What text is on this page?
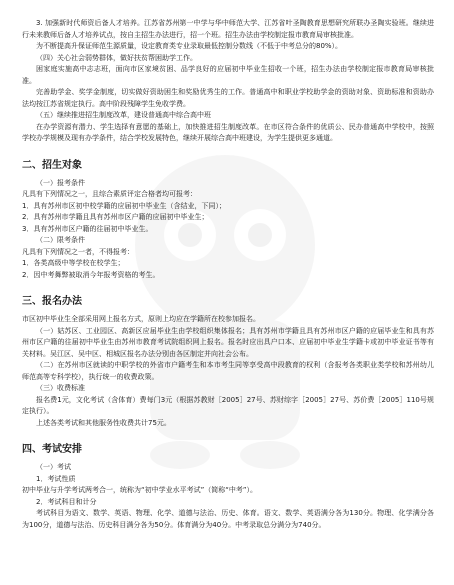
3. 加强新时代师资后备人才培养。江苏省苏州第一中学与华中师范大学、江苏省叶圣陶教育思想研究所联办圣陶实验班。继续进行未来教师后备人才培养试点，按自主招生办法进行，招一个班。招生办法由学校制定报市教育局审核批准。

为不断提高升保证师范生源质量，设定教育类专业录取最低控制分数线（不低于中考总分的80%）。

（四）关心社会弱势群体，做好扶贫帮困助学工作。

困家庭实施高中志志班，面向市区家境贫困、品学良好的应届初中毕业生招收一个班，招生办法由学校制定报市教育局审核批准。

完善助学金、奖学金制度，切实做好资助困生和奖励优秀生的工作。普通高中和职业学校助学金的资助对象、资助标准和资助办法均按江苏省规定执行。高中阶段残障学生免收学费。

（五）继续推进招生制度改革，建设普通高中综合高中班

在办学资源有潜力、学生选择有意愿的基础上，加快推进招生制度改革。在市区符合条件的优质公、民办普通高中学校中，按照学校办学规模及现有办学条件，结合学校发展特色，继续开展综合高中班建设，为学生提供更多通道。

二、招生对象

（一）报考条件

凡具有下列情况之一，且综合素质评定合格者均可报考：

1．具有苏州市区初中校学籍的应届初中毕业生（含结业，下同）；

2．具有苏州市学籍且具有苏州市区户籍的应届初中毕业生；

3．具有苏州市区户籍的往届初中毕业生。

（二）限考条件

凡具有下列情况之一者，不得报考：

1．各类高级中等学校在校学生；

2．因中考舞弊被取消今年报考资格的考生。

三、报名办法

市区初中毕业生全部采用网上报名方式，原则上均应在学籍所在校参加报名。

（一）姑苏区、工业园区、高新区应届毕业生由学校组织集体报名；具有苏州市学籍且具有苏州市区户籍的应届毕业生和具有苏州市区户籍的往届初中毕业生由苏州市教育考试院组织网上报名。报名时应出具户口本、应届初中毕业生学籍卡或初中毕业证书等有关材料。吴江区、吴中区、相城区报名办法分别由各区制定并向社会公布。

（二）在苏州市区就读的中职学校的外省市户籍考生和本市考生同等享受高中段教育的权利（含报考各类职业类学校和苏州幼儿师范高等专科学校），执行统一的收费政策。

（三）收费标准

报名费1元，文化考试（含体育）费每门3元（根据苏教财［2005］27号、苏财综字［2005］27号、苏价费［2005］110号规定执行）。

上述各类考试和其他服务性收费共计75元。

四、考试安排

（一）考试

1．考试性质

初中毕业与升学考试两考合一，统称为“初中学业水平考试”（简称“中考”）。

2．考试科目和计分

考试科目为语文、数学、英语、物理、化学、道德与法治、历史、体育。语文、数学、英语满分各为130分。物理、化学满分各为100分，道德与法治、历史科目满分各为50分。体育满分为40分。中考录取总分满分为740分。
